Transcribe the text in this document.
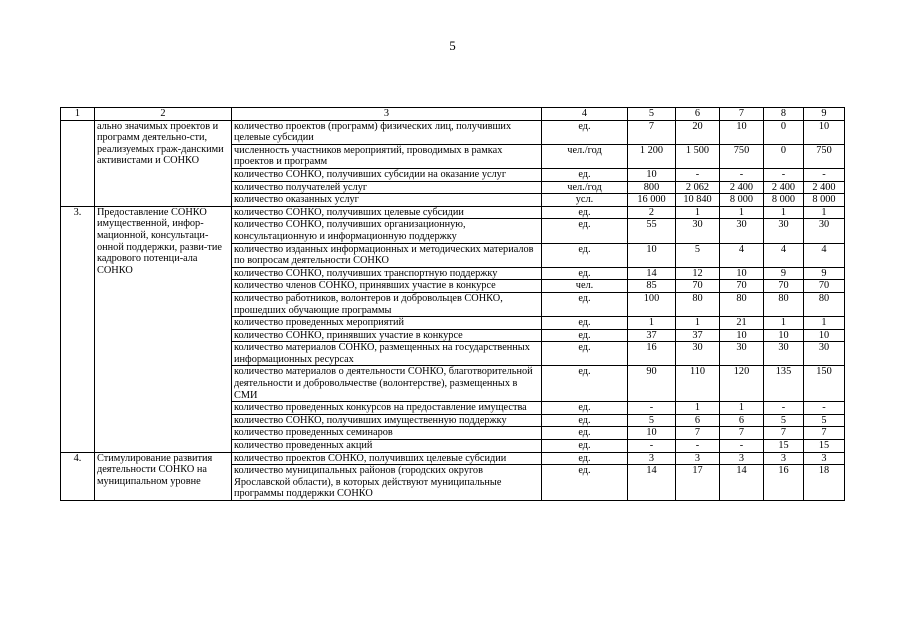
5
1	2	3	4	5	6	7	8	9
	ально значимых проектов и программ деятельно-сти, реализуемых граж-данскими активистами и СОНКО	количество проектов (программ) физических лиц, получивших целевые субсидии	ед.	7	20	10	0	10
		численность участников мероприятий, проводимых в рамках проектов и программ	чел./год	1 200	1 500	750	0	750
		количество СОНКО, получивших субсидии на оказание услуг	ед.	10	-	-	-	-
		количество получателей услуг	чел./год	800	2 062	2 400	2 400	2 400
		количество оказанных услуг	усл.	16 000	10 840	8 000	8 000	8 000
3.	Предоставление СОНКО имущественной, инфор-мационной, консультаци-онной поддержки, разви-тие кадрового потенци-ала СОНКО	количество СОНКО, получивших целевые субсидии	ед.	2	1	1	1	1
		количество СОНКО, получивших организационную, консультационную и информационную поддержку	ед.	55	30	30	30	30
		количество изданных информационных и методических материалов по вопросам деятельности СОНКО	ед.	10	5	4	4	4
		количество СОНКО, получивших транспортную поддержку	ед.	14	12	10	9	9
		количество членов СОНКО, принявших участие в конкурсе	чел.	85	70	70	70	70
		количество работников, волонтеров и добровольцев СОНКО, прошедших обучающие программы	ед.	100	80	80	80	80
		количество проведенных мероприятий	ед.	1	1	21	1	1
		количество СОНКО, принявших участие в конкурсе	ед.	37	37	10	10	10
		количество материалов СОНКО, размещенных на государственных информационных ресурсах	ед.	16	30	30	30	30
		количество материалов о деятельности СОНКО, благотворительной деятельности и добровольчестве (волонтерстве), размещенных в СМИ	ед.	90	110	120	135	150
		количество проведенных конкурсов на предоставление имущества	ед.	-	1	1	-	-
		количество СОНКО, получивших имущественную поддержку	ед.	5	6	6	5	5
		количество проведенных семинаров	ед.	10	7	7	7	7
		количество проведенных акций	ед.	-	-	-	15	15
4.	Стимулирование развития деятельности СОНКО на муниципальном уровне	количество проектов СОНКО, получивших целевые субсидии	ед.	3	3	3	3	3
		количество муниципальных районов (городских округов Ярославской области), в которых действуют муниципальные программы поддержки СОНКО	ед.	14	17	14	16	18
